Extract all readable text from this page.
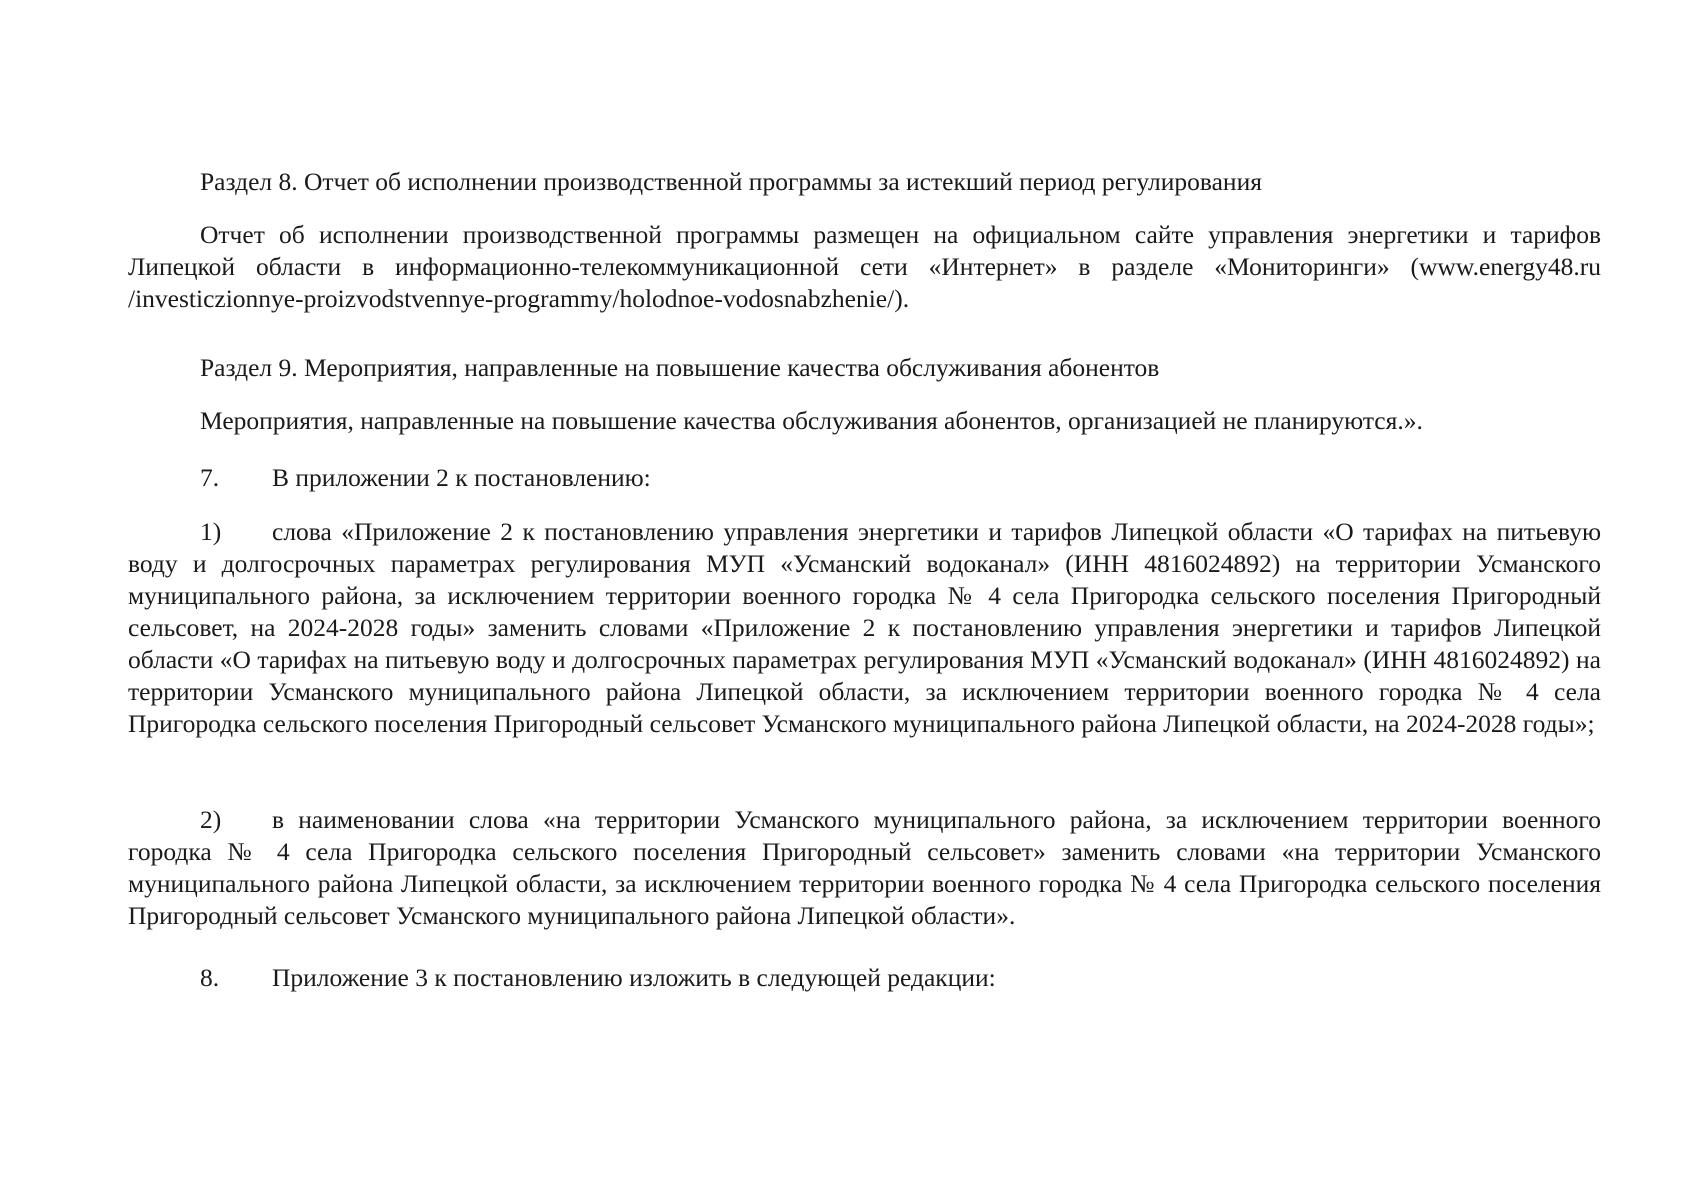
Раздел 8. Отчет об исполнении производственной программы за истекший период регулирования

Отчет об исполнении производственной программы размещен на официальном сайте управления энергетики и тарифов Липецкой области в информационно-телекоммуникационной сети «Интернет» в разделе «Мониторинги» (www.energy48.ru /investiczionnye-proizvodstvennye-programmy/holodnoe-vodosnabzhenie/).

Раздел 9. Мероприятия, направленные на повышение качества обслуживания абонентов

Мероприятия, направленные на повышение качества обслуживания абонентов, организацией не планируются.».

7. В приложении 2 к постановлению:

1) слова «Приложение 2 к постановлению управления энергетики и тарифов Липецкой области «О тарифах на питьевую воду и долгосрочных параметрах регулирования МУП «Усманский водоканал» (ИНН 4816024892) на территории Усманского муниципального района, за исключением территории военного городка № 4 села Пригородка сельского поселения Пригородный сельсовет, на 2024-2028 годы» заменить словами «Приложение 2 к постановлению управления энергетики и тарифов Липецкой области «О тарифах на питьевую воду и долгосрочных параметрах регулирования МУП «Усманский водоканал» (ИНН 4816024892) на территории Усманского муниципального района Липецкой области, за исключением территории военного городка № 4 села Пригородка сельского поселения Пригородный сельсовет Усманского муниципального района Липецкой области, на 2024-2028 годы»;

2) в наименовании слова «на территории Усманского муниципального района, за исключением территории военного городка № 4 села Пригородка сельского поселения Пригородный сельсовет» заменить словами «на территории Усманского муниципального района Липецкой области, за исключением территории военного городка № 4 села Пригородка сельского поселения Пригородный сельсовет Усманского муниципального района Липецкой области».

8. Приложение 3 к постановлению изложить в следующей редакции:
